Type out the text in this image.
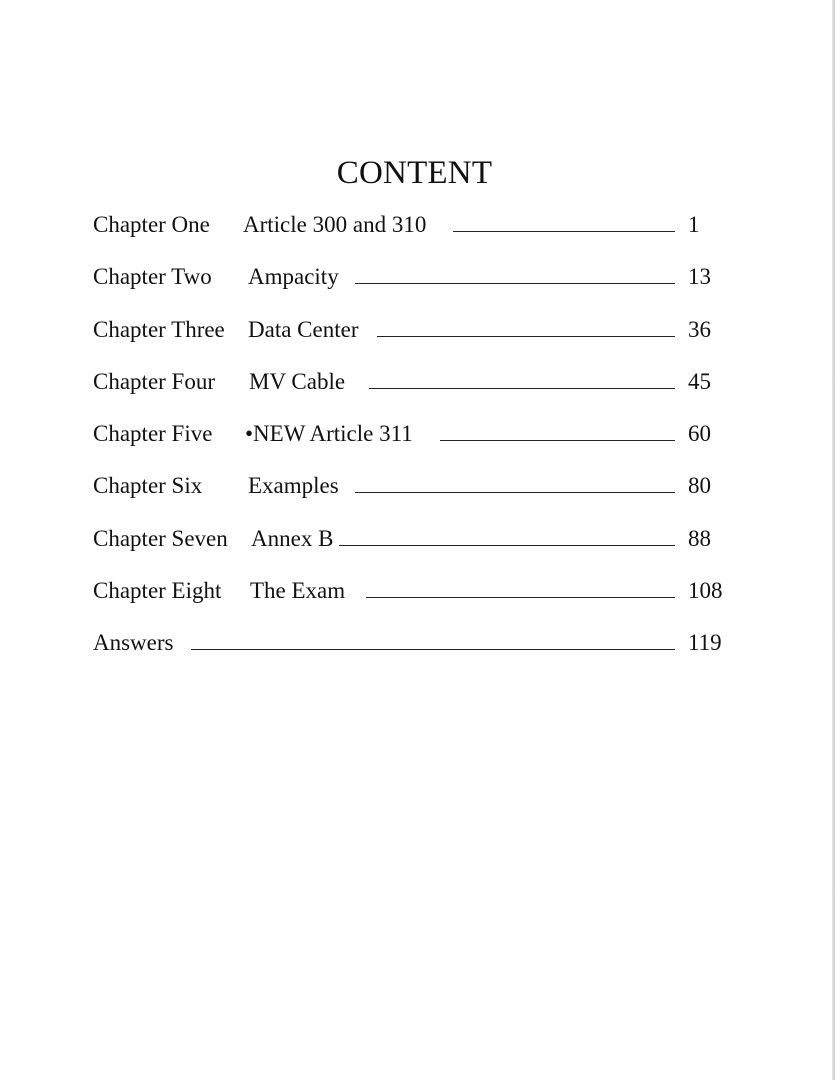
CONTENT
Chapter One Article 300 and 310	1
Chapter Two Ampacity	13
Chapter Three Data Center	36
Chapter Four MV Cable	45
Chapter Five •NEW Article 311	60
Chapter Six Examples	80
Chapter Seven Annex B	88
Chapter Eight The Exam	108
Answers	119
